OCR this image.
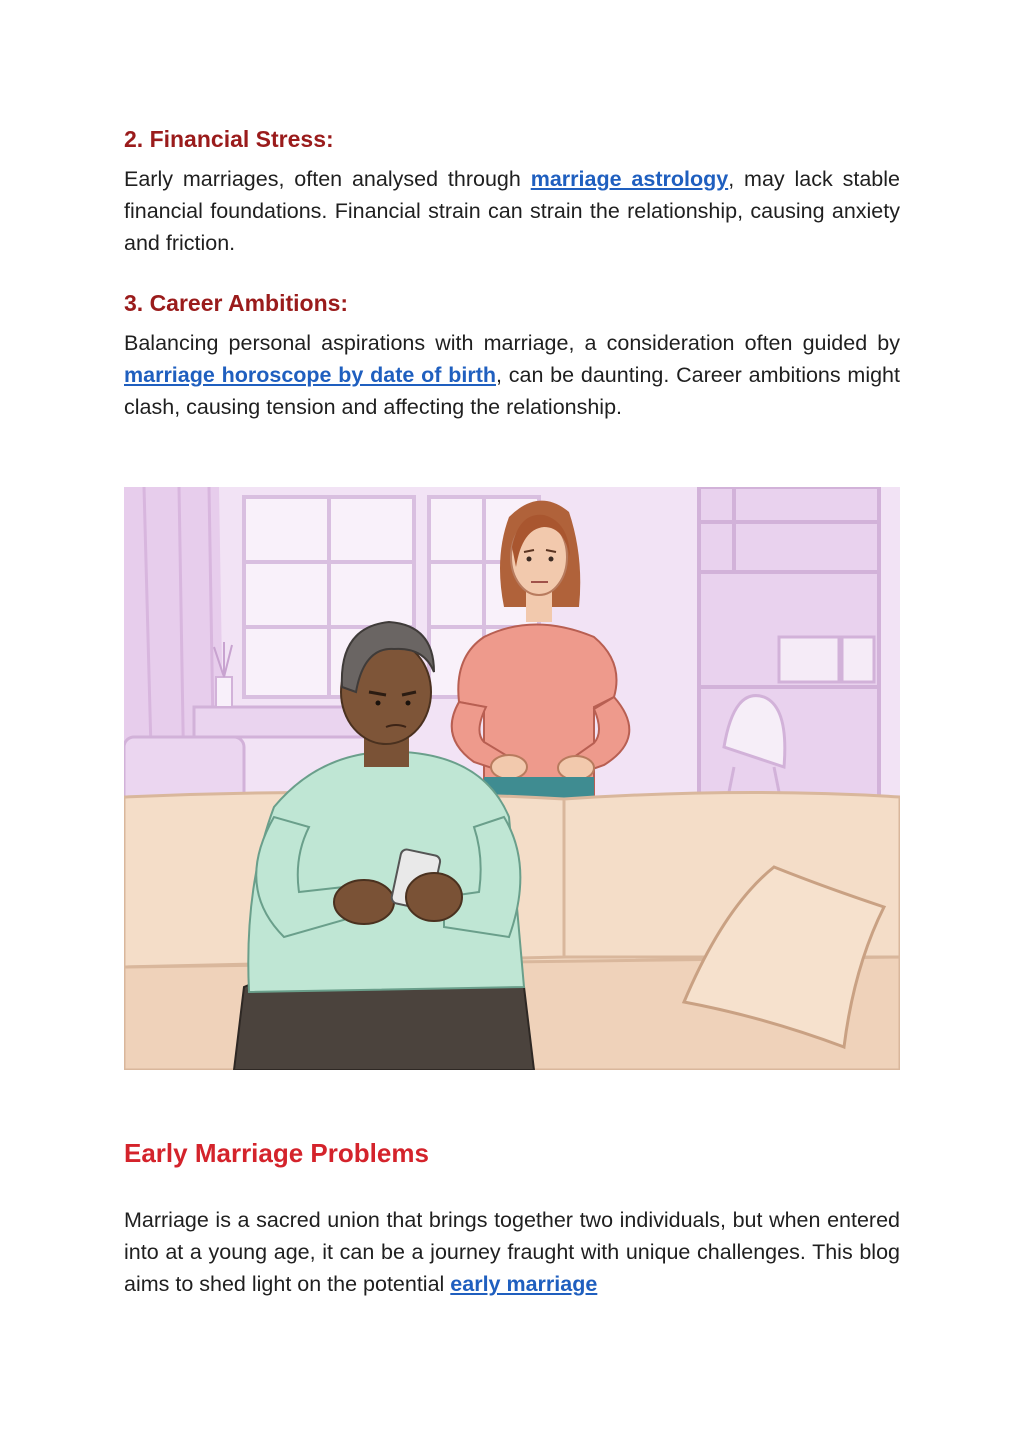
2. Financial Stress:

Early marriages, often analysed through marriage astrology, may lack stable financial foundations. Financial strain can strain the relationship, causing anxiety and friction.

3. Career Ambitions:

Balancing personal aspirations with marriage, a consideration often guided by marriage horoscope by date of birth, can be daunting. Career ambitions might clash, causing tension and affecting the relationship.

Early Marriage Problems

Marriage is a sacred union that brings together two individuals, but when entered into at a young age, it can be a journey fraught with unique challenges. This blog aims to shed light on the potential early marriage
